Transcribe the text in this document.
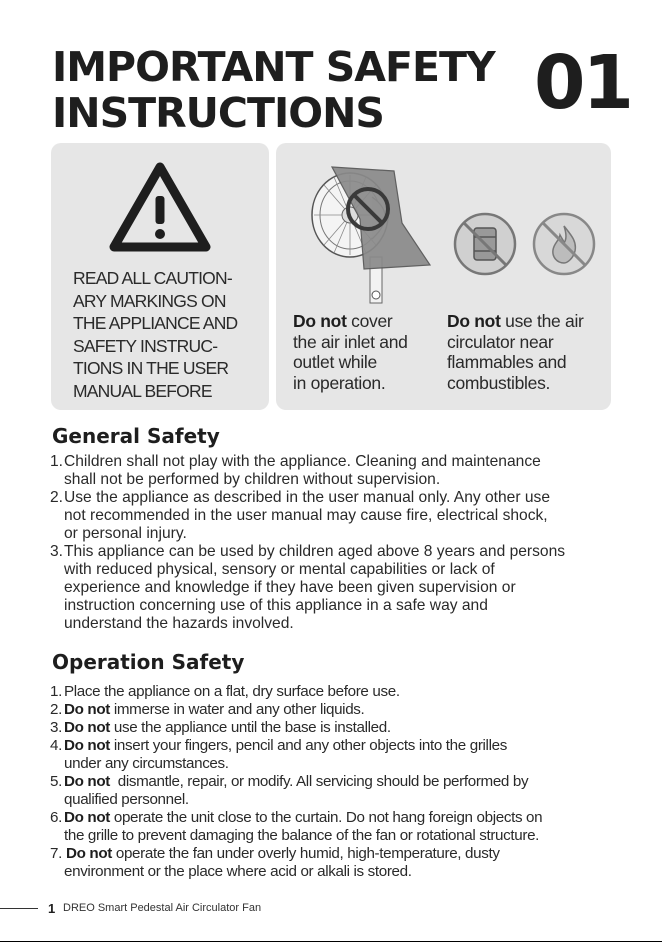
IMPORTANT SAFETY
INSTRUCTIONS	01
READ ALL CAUTION-
ARY MARKINGS ON
THE APPLIANCE AND
SAFETY INSTRUC-
TIONS IN THE USER
MANUAL BEFORE
Do not cover
the air inlet and
outlet while
in operation.
Do not use the air
circulator near
flammables and
combustibles.
General Safety
1. Children shall not play with the appliance. Cleaning and maintenance
shall not be performed by children without supervision.
2. Use the appliance as described in the user manual only. Any other use
not recommended in the user manual may cause fire, electrical shock,
or personal injury.
3. This appliance can be used by children aged above 8 years and persons
with reduced physical, sensory or mental capabilities or lack of
experience and knowledge if they have been given supervision or
instruction concerning use of this appliance in a safe way and
understand the hazards involved.
Operation Safety
1. Place the appliance on a flat, dry surface before use.
2. Do not immerse in water and any other liquids.
3. Do not use the appliance until the base is installed.
4. Do not insert your fingers, pencil and any other objects into the grilles
under any circumstances.
5. Do not  dismantle, repair, or modify. All servicing should be performed by
qualified personnel.
6. Do not operate the unit close to the curtain. Do not hang foreign objects on
the grille to prevent damaging the balance of the fan or rotational structure.
7. Do not operate the fan under overly humid, high-temperature, dusty
environment or the place where acid or alkali is stored.
1 DREO Smart Pedestal Air Circulator Fan
